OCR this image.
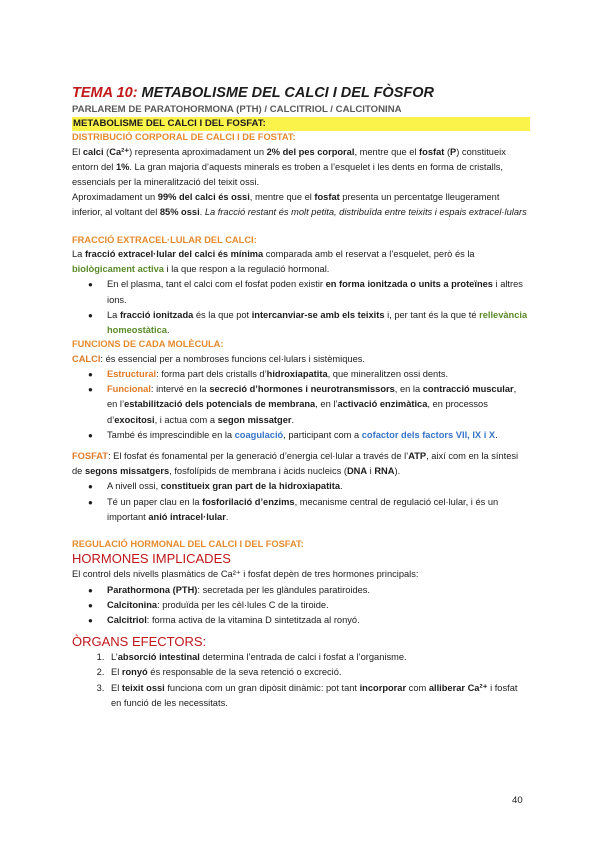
TEMA 10: METABOLISME DEL CALCI I DEL FÒSFOR
PARLAREM DE PARATOHORMONA (PTH) / CALCITRIOL / CALCITONINA
METABOLISME DEL CALCI I DEL FOSFAT:
DISTRIBUCIÓ CORPORAL DE CALCI I DE FOSTAT:

El calci (Ca²⁺) representa aproximadament un 2% del pes corporal, mentre que el fosfat (P) constitueix entorn del 1%. La gran majoria d’aquests minerals es troben a l’esquelet i les dents en forma de cristalls, essencials per la mineralització del teixit ossi.

Aproximadament un 99% del calci és ossi, mentre que el fosfat presenta un percentatge lleugerament inferior, al voltant del 85% ossi. La fracció restant és molt petita, distribuïda entre teixits i espais extracel·lulars

FRACCIÓ EXTRACEL·LULAR DEL CALCI:

La fracció extracel·lular del calci és mínima comparada amb el reservat a l’esquelet, però és la biològicament activa i la que respon a la regulació hormonal.

● En el plasma, tant el calci com el fosfat poden existir en forma ionitzada o units a proteïnes i altres ions.
● La fracció ionitzada és la que pot intercanviar-se amb els teixits i, per tant és la que té rellevància homeostàtica.
FUNCIONS DE CADA MOLÈCULA:

CALCI: és essencial per a nombroses funcions cel·lulars i sistèmiques.

● Estructural: forma part dels cristalls d’hidroxiapatita, que mineralitzen ossi dents.
● Funcional: intervé en la secreció d’hormones i neurotransmissors, en la contracció muscular, en l’estabilització dels potencials de membrana, en l’activació enzimàtica, en processos d’exocitosi, i actua com a segon missatger.
● També és imprescindible en la coagulació, participant com a cofactor dels factors VII, IX i X.

FOSFAT: El fosfat és fonamental per la generació d’energia cel·lular a través de l’ATP, així com en la síntesi de segons missatgers, fosfolípids de membrana i àcids nucleics (DNA i RNA).

● A nivell ossi, constitueix gran part de la hidroxiapatita.
● Té un paper clau en la fosforilació d’enzims, mecanisme central de regulació cel·lular, i és un important anió intracel·lular.
REGULACIÓ HORMONAL DEL CALCI I DEL FOSFAT:
HORMONES IMPLICADES

El control dels nivells plasmàtics de Ca²⁺ i fosfat depèn de tres hormones principals:

● Parathormona (PTH): secretada per les glàndules paratiroides.
● Calcitonina: produïda per les cèl·lules C de la tiroide.
● Calcitriol: forma activa de la vitamina D sintetitzada al ronyó.
ÒRGANS EFECTORS:
1. L’absorció intestinal determina l’entrada de calci i fosfat a l’organisme.
2. El ronyó és responsable de la seva retenció o excreció.
3. El teixit ossi funciona com un gran dipòsit dinàmic: pot tant incorporar com alliberar Ca²⁺ i fosfat en funció de les necessitats.
40
